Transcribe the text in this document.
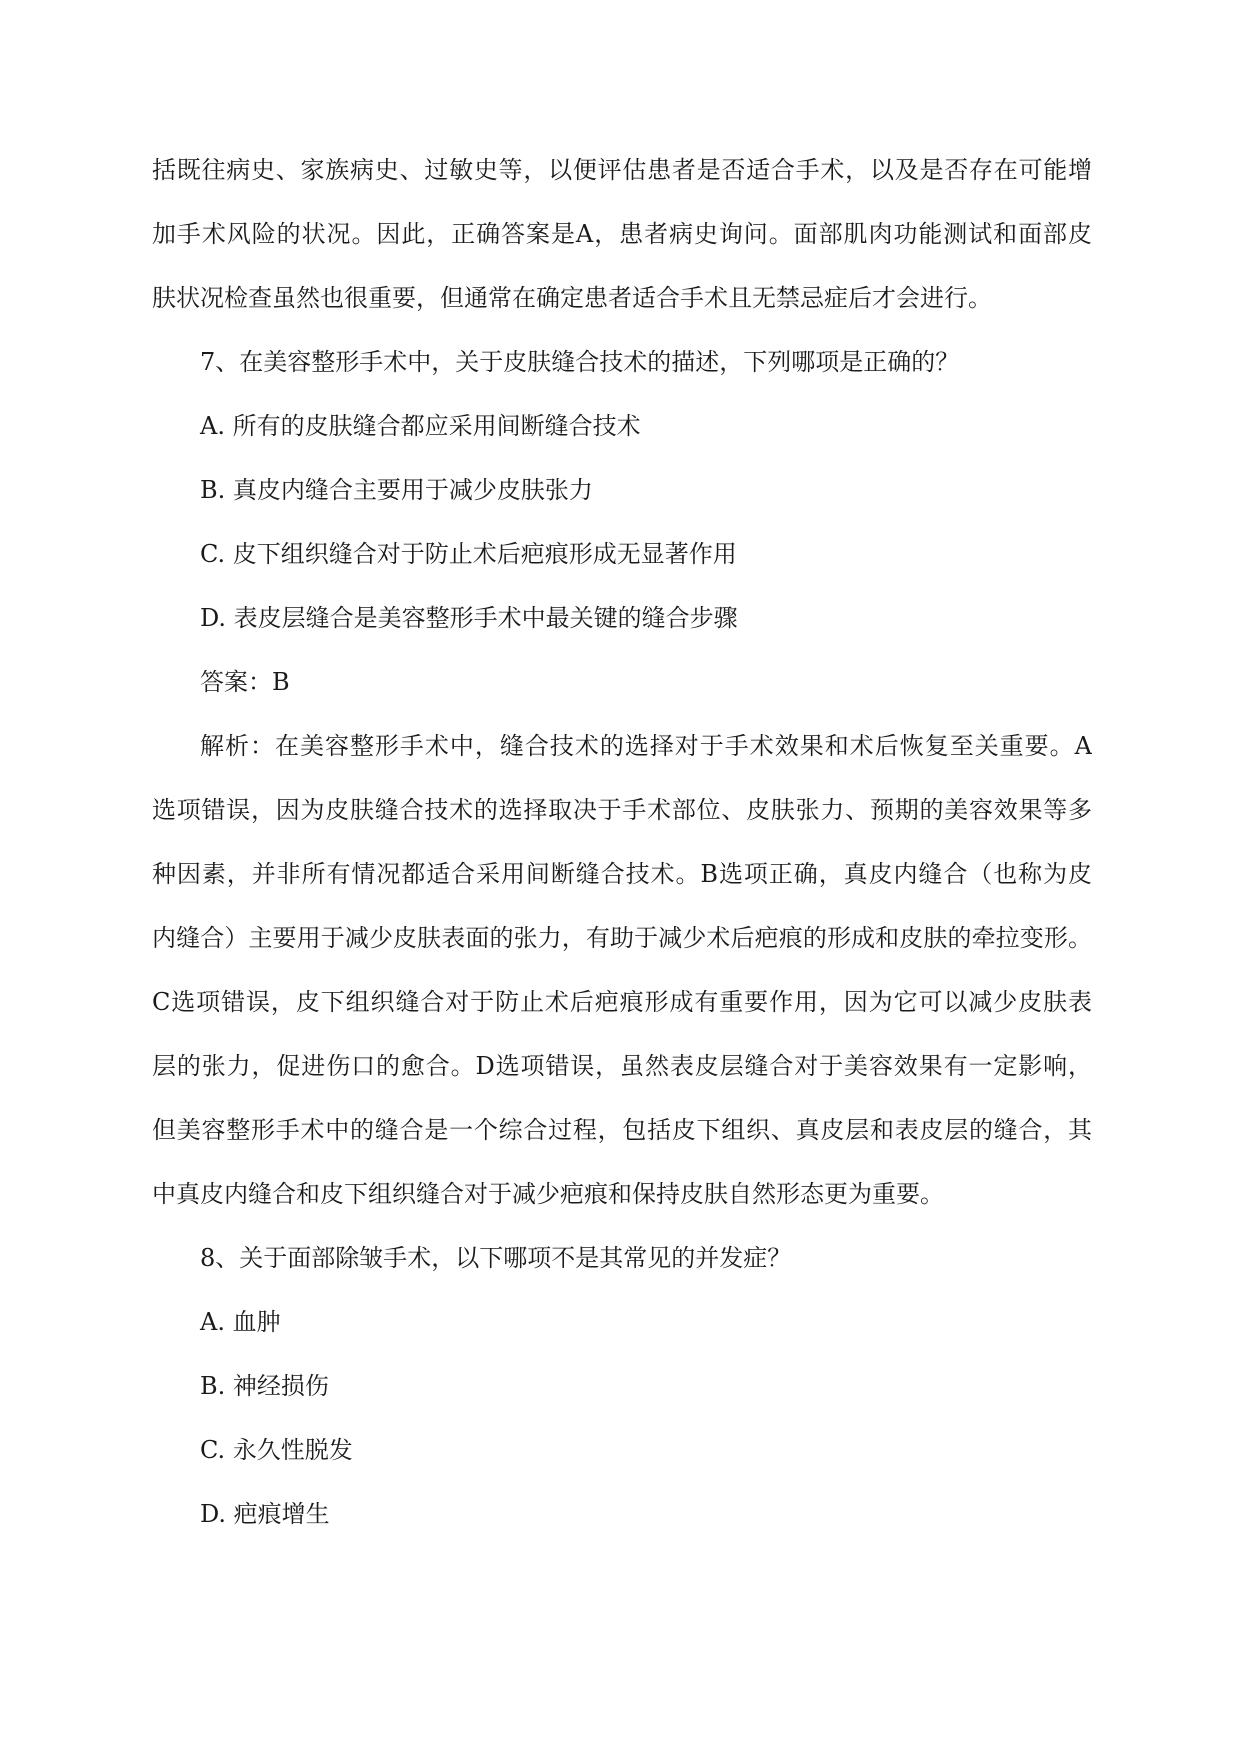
括既往病史、家族病史、过敏史等，以便评估患者是否适合手术，以及是否存在可能增
加手术风险的状况。因此，正确答案是A，患者病史询问。面部肌肉功能测试和面部皮
肤状况检查虽然也很重要，但通常在确定患者适合手术且无禁忌症后才会进行。
7、在美容整形手术中，关于皮肤缝合技术的描述，下列哪项是正确的？
A. 所有的皮肤缝合都应采用间断缝合技术
B. 真皮内缝合主要用于减少皮肤张力
C. 皮下组织缝合对于防止术后疤痕形成无显著作用
D. 表皮层缝合是美容整形手术中最关键的缝合步骤
答案：B
解析：在美容整形手术中，缝合技术的选择对于手术效果和术后恢复至关重要。A
选项错误，因为皮肤缝合技术的选择取决于手术部位、皮肤张力、预期的美容效果等多
种因素，并非所有情况都适合采用间断缝合技术。B选项正确，真皮内缝合（也称为皮
内缝合）主要用于减少皮肤表面的张力，有助于减少术后疤痕的形成和皮肤的牵拉变形。
C选项错误，皮下组织缝合对于防止术后疤痕形成有重要作用，因为它可以减少皮肤表
层的张力，促进伤口的愈合。D选项错误，虽然表皮层缝合对于美容效果有一定影响，
但美容整形手术中的缝合是一个综合过程，包括皮下组织、真皮层和表皮层的缝合，其
中真皮内缝合和皮下组织缝合对于减少疤痕和保持皮肤自然形态更为重要。
8、关于面部除皱手术，以下哪项不是其常见的并发症？
A. 血肿
B. 神经损伤
C. 永久性脱发
D. 疤痕增生
